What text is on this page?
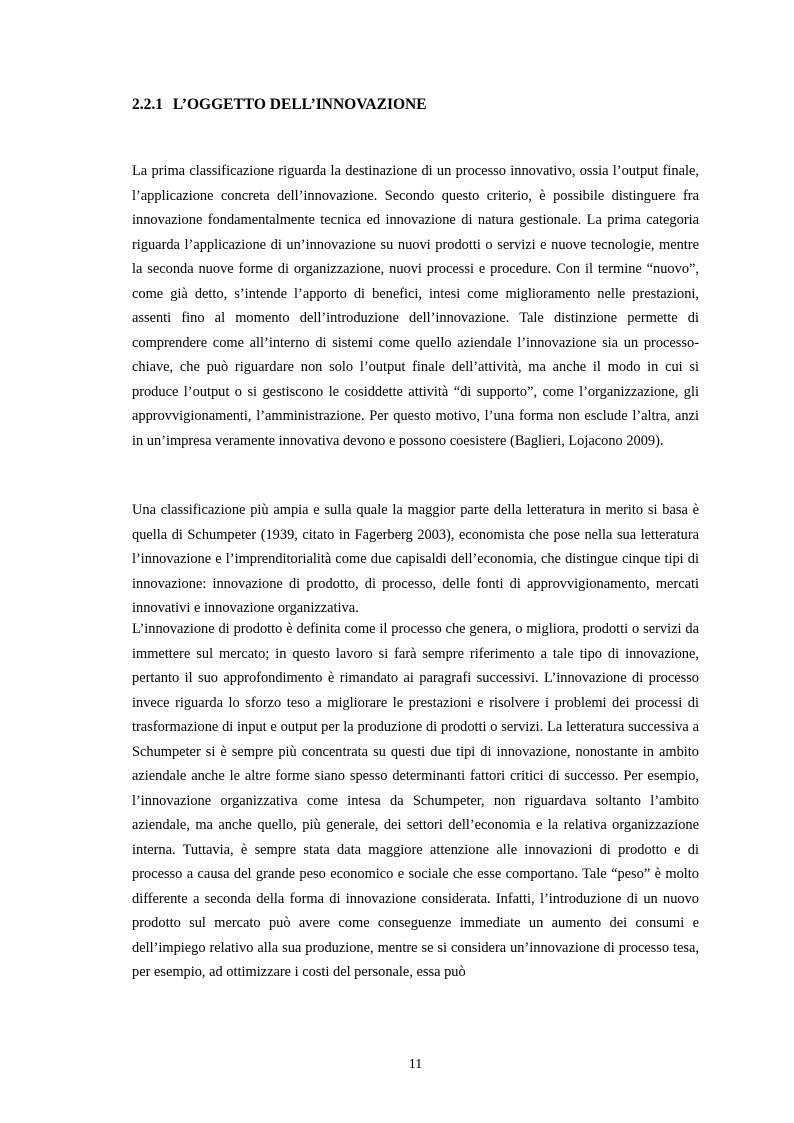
2.2.1 L’OGGETTO DELL’INNOVAZIONE

La prima classificazione riguarda la destinazione di un processo innovativo, ossia l’output finale, l’applicazione concreta dell’innovazione. Secondo questo criterio, è possibile distinguere fra innovazione fondamentalmente tecnica ed innovazione di natura gestionale. La prima categoria riguarda l’applicazione di un’innovazione su nuovi prodotti o servizi e nuove tecnologie, mentre la seconda nuove forme di organizzazione, nuovi processi e procedure. Con il termine “nuovo”, come già detto, s’intende l’apporto di benefici, intesi come miglioramento nelle prestazioni, assenti fino al momento dell’introduzione dell’innovazione. Tale distinzione permette di comprendere come all’interno di sistemi come quello aziendale l’innovazione sia un processo-chiave, che può riguardare non solo l’output finale dell’attività, ma anche il modo in cui si produce l’output o si gestiscono le cosiddette attività “di supporto”, come l’organizzazione, gli approvvigionamenti, l’amministrazione. Per questo motivo, l’una forma non esclude l’altra, anzi in un’impresa veramente innovativa devono e possono coesistere (Baglieri, Lojacono 2009).

Una classificazione più ampia e sulla quale la maggior parte della letteratura in merito si basa è quella di Schumpeter (1939, citato in Fagerberg 2003), economista che pose nella sua letteratura l’innovazione e l’imprenditorialità come due capisaldi dell’economia, che distingue cinque tipi di innovazione: innovazione di prodotto, di processo, delle fonti di approvvigionamento, mercati innovativi e innovazione organizzativa.

L’innovazione di prodotto è definita come il processo che genera, o migliora, prodotti o servizi da immettere sul mercato; in questo lavoro si farà sempre riferimento a tale tipo di innovazione, pertanto il suo approfondimento è rimandato ai paragrafi successivi. L’innovazione di processo invece riguarda lo sforzo teso a migliorare le prestazioni e risolvere i problemi dei processi di trasformazione di input e output per la produzione di prodotti o servizi. La letteratura successiva a Schumpeter si è sempre più concentrata su questi due tipi di innovazione, nonostante in ambito aziendale anche le altre forme siano spesso determinanti fattori critici di successo. Per esempio, l’innovazione organizzativa come intesa da Schumpeter, non riguardava soltanto l’ambito aziendale, ma anche quello, più generale, dei settori dell’economia e la relativa organizzazione interna. Tuttavia, è sempre stata data maggiore attenzione alle innovazioni di prodotto e di processo a causa del grande peso economico e sociale che esse comportano. Tale “peso” è molto differente a seconda della forma di innovazione considerata. Infatti, l’introduzione di un nuovo prodotto sul mercato può avere come conseguenze immediate un aumento dei consumi e dell’impiego relativo alla sua produzione, mentre se si considera un’innovazione di processo tesa, per esempio, ad ottimizzare i costi del personale, essa può

11
